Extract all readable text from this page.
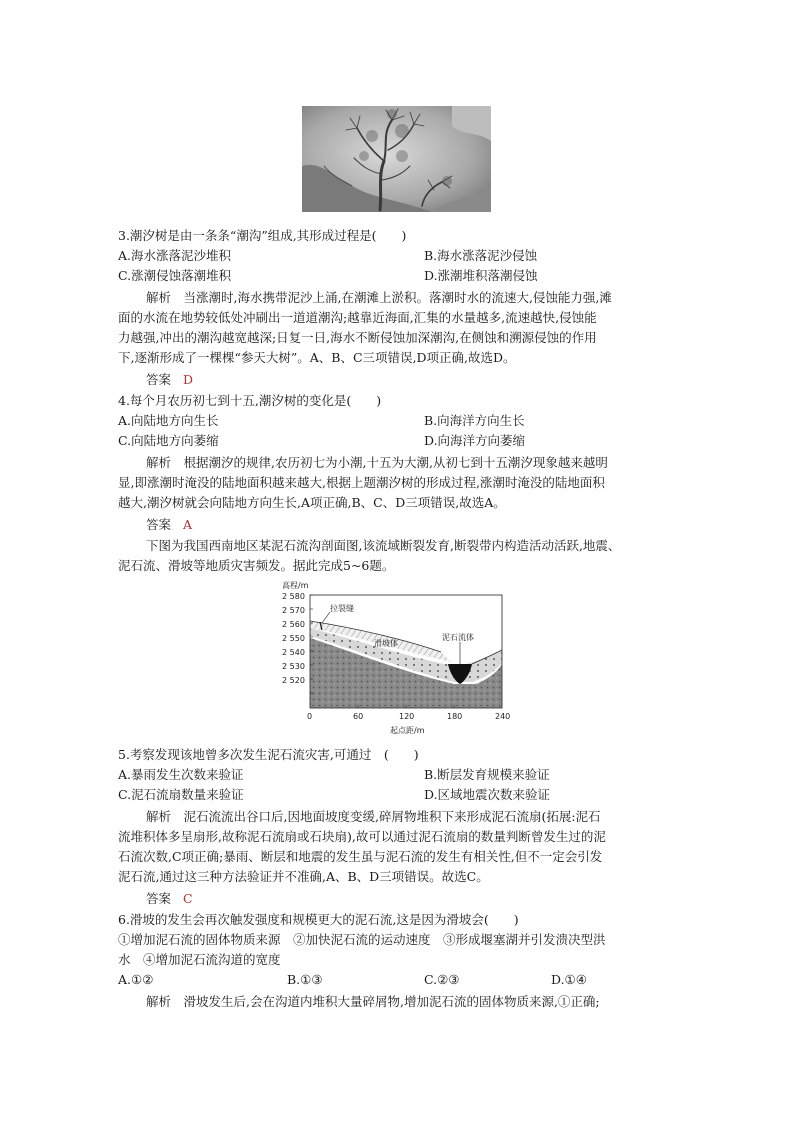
3.潮汐树是由一条条“潮沟”组成,其形成过程是(　　)
A.海水涨落泥沙堆积	B.海水涨落泥沙侵蚀
C.涨潮侵蚀落潮堆积	D.涨潮堆积落潮侵蚀
解析　当涨潮时,海水携带泥沙上涌,在潮滩上淤积。落潮时水的流速大,侵蚀能力强,滩
面的水流在地势较低处冲刷出一道道潮沟;越靠近海面,汇集的水量越多,流速越快,侵蚀能
力越强,冲出的潮沟越宽越深;日复一日,海水不断侵蚀加深潮沟,在侧蚀和溯源侵蚀的作用
下,逐渐形成了一棵棵“参天大树”。A、B、C三项错误,D项正确,故选D。
答案 D
4.每个月农历初七到十五,潮汐树的变化是(　　)
A.向陆地方向生长	B.向海洋方向生长
C.向陆地方向萎缩	D.向海洋方向萎缩
解析　根据潮汐的规律,农历初七为小潮,十五为大潮,从初七到十五潮汐现象越来越明
显,即涨潮时淹没的陆地面积越来越大,根据上题潮汐树的形成过程,涨潮时淹没的陆地面积
越大,潮汐树就会向陆地方向生长,A项正确,B、C、D三项错误,故选A。
答案 A
下图为我国西南地区某泥石流沟剖面图,该流域断裂发育,断裂带内构造活动活跃,地震、
泥石流、滑坡等地质灾害频发。据此完成5~6题。
高程/m
2 580
2 570
2 560
2 550
2 540
2 530
2 520
拉裂缝
滑坡体
泥石流体
0	60	120	180	240
起点距/m
5.考察发现该地曾多次发生泥石流灾害,可通过　(　　)
A.暴雨发生次数来验证	B.断层发育规模来验证
C.泥石流扇数量来验证	D.区域地震次数来验证
解析　泥石流流出谷口后,因地面坡度变缓,碎屑物堆积下来形成泥石流扇(拓展:泥石
流堆积体多呈扇形,故称泥石流扇或石块扇),故可以通过泥石流扇的数量判断曾发生过的泥
石流次数,C项正确;暴雨、断层和地震的发生虽与泥石流的发生有相关性,但不一定会引发
泥石流,通过这三种方法验证并不准确,A、B、D三项错误。故选C。
答案 C
6.滑坡的发生会再次触发强度和规模更大的泥石流,这是因为滑坡会(　　)
①增加泥石流的固体物质来源　②加快泥石流的运动速度　③形成堰塞湖并引发溃决型洪
水　④增加泥石流沟道的宽度
A.①②	B.①③	C.②③	D.①④
解析　滑坡发生后,会在沟道内堆积大量碎屑物,增加泥石流的固体物质来源,①正确;
